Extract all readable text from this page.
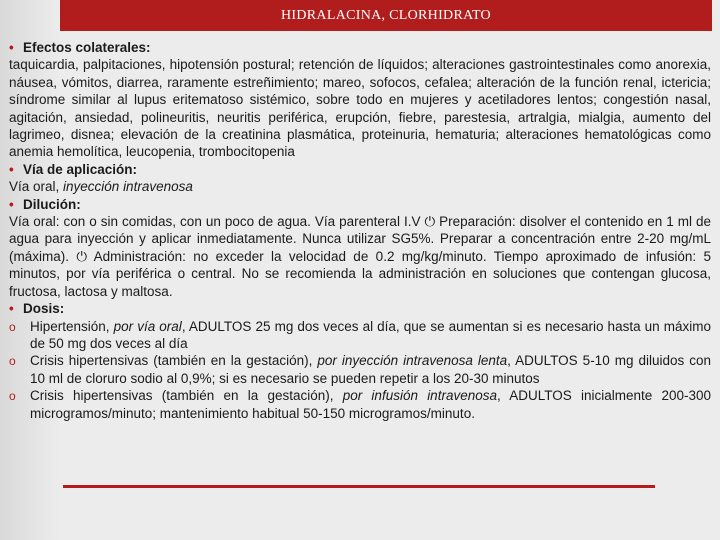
HIDRALACINA, CLORHIDRATO
• Efectos colaterales:
taquicardia, palpitaciones, hipotensión postural; retención de líquidos; alteraciones gastrointestinales como anorexia, náusea, vómitos, diarrea, raramente estreñimiento; mareo, sofocos, cefalea; alteración de la función renal, ictericia; síndrome similar al lupus eritematoso sistémico, sobre todo en mujeres y acetiladores lentos; congestión nasal, agitación, ansiedad, polineuritis, neuritis periférica, erupción, fiebre, parestesia, artralgia, mialgia, aumento del lagrimeo, disnea; elevación de la creatinina plasmática, proteinuria, hematuria; alteraciones hematológicas como anemia hemolítica, leucopenia, trombocitopenia
• Vía de aplicación:
Vía oral, inyección intravenosa
• Dilución:
Vía oral: con o sin comidas, con un poco de agua. Vía parenteral I.V ⏻ Preparación: disolver el contenido en 1 ml de agua para inyección y aplicar inmediatamente. Nunca utilizar SG5%. Preparar a concentración entre 2-20 mg/mL (máxima). ⏻ Administración: no exceder la velocidad de 0.2 mg/kg/minuto. Tiempo aproximado de infusión: 5 minutos, por vía periférica o central. No se recomienda la administración en soluciones que contengan glucosa, fructosa, lactosa y maltosa.
• Dosis:
o	Hipertensión, por vía oral, ADULTOS 25 mg dos veces al día, que se aumentan si es necesario hasta un máximo de 50 mg dos veces al día
o	Crisis hipertensivas (también en la gestación), por inyección intravenosa lenta, ADULTOS 5-10 mg diluidos con 10 ml de cloruro sodio al 0,9%; si es necesario se pueden repetir a los 20-30 minutos
o	Crisis hipertensivas (también en la gestación), por infusión intravenosa, ADULTOS inicialmente 200-300 microgramos/minuto; mantenimiento habitual 50-150 microgramos/minuto.
